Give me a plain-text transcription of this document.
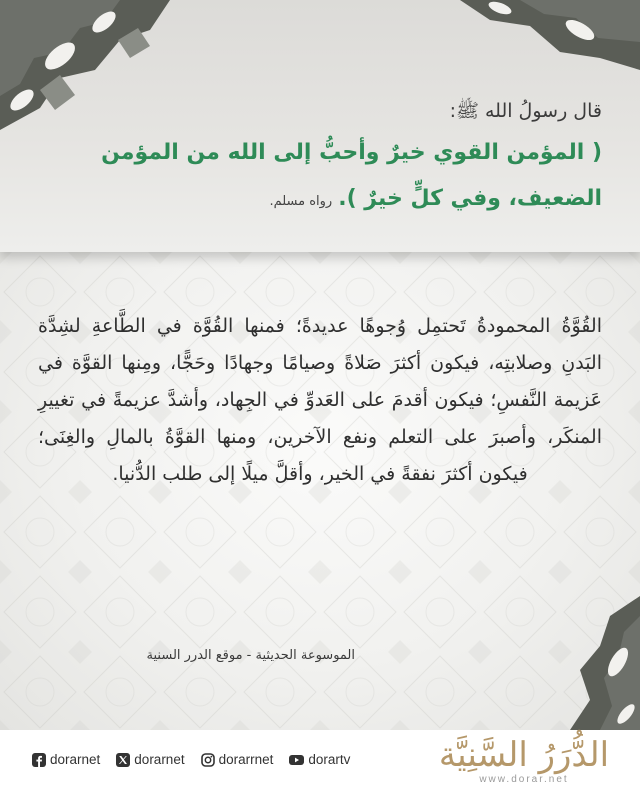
قال رسولُ الله ﷺ:

( المؤمن القوي خيرٌ وأحبُّ إلى الله من المؤمن الضعيف، وفي كلٍّ خيرٌ ).رواه مسلم.

القُوَّةُ المحمودةُ تَحتمِل وُجوهًا عديدةً؛ فمنها القُوَّة في الطَّاعةِ لشِدَّة البَدنِ وصلابتِه، فيكون أكثرَ صَلاةً وصيامًا وجهادًا وحَجًّا، ومِنها القوَّة في عَزيمة النَّفسِ؛ فيكون أقدمَ على العَدوِّ في الجِهاد، وأشدَّ عزيمةً في تغييرِ المنكَر، وأصبرَ على التعلم ونفع الآخرين، ومنها القوَّةُ بالمالِ والغِنَى؛ فيكون أكثرَ نفقةً في الخير، وأقلَّ ميلًا إلى طلب الدُّنيا.

الموسوعة الحديثية - موقع الدرر السنية

dorarnet	dorarnet	dorarrnet	dorartv	الدُّرَرُ السَّنِيَّة
www.dorar.net
